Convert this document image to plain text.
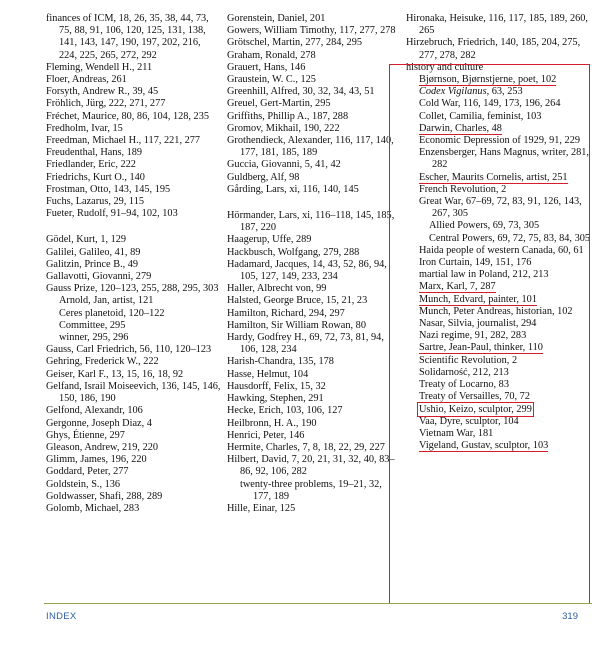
finances of ICM, 18, 26, 35, 38, 44, 73, 75, 88, 91, 106, 120, 125, 131, 138, 141, 143, 147, 190, 197, 202, 216, 224, 225, 265, 272, 292
Fleming, Wendell H., 211
Floer, Andreas, 261
Forsyth, Andrew R., 39, 45
Fröhlich, Jürg, 222, 271, 277
Fréchet, Maurice, 80, 86, 104, 128, 235
Fredholm, Ivar, 15
Freedman, Michael H., 117, 221, 277
Freudenthal, Hans, 189
Friedlander, Eric, 222
Friedrichs, Kurt O., 140
Frostman, Otto, 143, 145, 195
Fuchs, Lazarus, 29, 115
Fueter, Rudolf, 91–94, 102, 103
Gödel, Kurt, 1, 129
Galilei, Galileo, 41, 89
Galitzin, Prince B., 49
Gallavotti, Giovanni, 279
Gauss Prize, 120–123, 255, 288, 295, 303
Arnold, Jan, artist, 121
Ceres planetoid, 120–122
Committee, 295
winner, 295, 296
Gauss, Carl Friedrich, 56, 110, 120–123
Gehring, Frederick W., 222
Geiser, Karl F., 13, 15, 16, 18, 92
Gelfand, Israil Moiseevich, 136, 145, 146, 150, 186, 190
Gelfond, Alexandr, 106
Gergonne, Joseph Diaz, 4
Ghys, Étienne, 297
Gleason, Andrew, 219, 220
Glimm, James, 196, 220
Goddard, Peter, 277
Goldstein, S., 136
Goldwasser, Shafi, 288, 289
Golomb, Michael, 283
Gorenstein, Daniel, 201
Gowers, William Timothy, 117, 277, 278
Grötschel, Martin, 277, 284, 295
Graham, Ronald, 278
Grauert, Hans, 146
Graustein, W. C., 125
Greenhill, Alfred, 30, 32, 34, 43, 51
Greuel, Gert-Martin, 295
Griffiths, Phillip A., 187, 288
Gromov, Mikhail, 190, 222
Grothendieck, Alexander, 116, 117, 140, 177, 181, 185, 189
Guccia, Giovanni, 5, 41, 42
Guldberg, Alf, 98
Gårding, Lars, xi, 116, 140, 145
Hörmander, Lars, xi, 116–118, 145, 185, 187, 220
Haagerup, Uffe, 289
Hackbusch, Wolfgang, 279, 288
Hadamard, Jacques, 14, 43, 52, 86, 94, 105, 127, 149, 233, 234
Haller, Albrecht von, 99
Halsted, George Bruce, 15, 21, 23
Hamilton, Richard, 294, 297
Hamilton, Sir William Rowan, 80
Hardy, Godfrey H., 69, 72, 73, 81, 94, 106, 128, 234
Harish-Chandra, 135, 178
Hasse, Helmut, 104
Hausdorff, Felix, 15, 32
Hawking, Stephen, 291
Hecke, Erich, 103, 106, 127
Heilbronn, H. A., 190
Henrici, Peter, 146
Hermite, Charles, 7, 8, 18, 22, 29, 227
Hilbert, David, 7, 20, 21, 31, 32, 40, 83–86, 92, 106, 282
twenty-three problems, 19–21, 32, 177, 189
Hille, Einar, 125
Hironaka, Heisuke, 116, 117, 185, 189, 260, 265
Hirzebruch, Friedrich, 140, 185, 204, 275, 277, 278, 282
history and culture
Bjørnson, Bjørnstjerne, poet, 102
Codex Vigilanus, 63, 253
Cold War, 116, 149, 173, 196, 264
Collet, Camilia, feminist, 103
Darwin, Charles, 48
Economic Depression of 1929, 91, 229
Enzensberger, Hans Magnus, writer, 281, 282
Escher, Maurits Cornelis, artist, 251
French Revolution, 2
Great War, 67–69, 72, 83, 91, 126, 143, 267, 305
Allied Powers, 69, 73, 305
Central Powers, 69, 72, 75, 83, 84, 305
Haida people of western Canada, 60, 61
Iron Curtain, 149, 151, 176
martial law in Poland, 212, 213
Marx, Karl, 7, 287
Munch, Edvard, painter, 101
Munch, Peter Andreas, historian, 102
Nasar, Silvia, journalist, 294
Nazi regime, 91, 282, 283
Sartre, Jean-Paul, thinker, 110
Scientific Revolution, 2
Solidarność, 212, 213
Treaty of Locarno, 83
Treaty of Versailles, 70, 72
Ushio, Keizo, sculptor, 299
Vaa, Dyre, sculptor, 104
Vietnam War, 181
Vigeland, Gustav, sculptor, 103
INDEX	319
